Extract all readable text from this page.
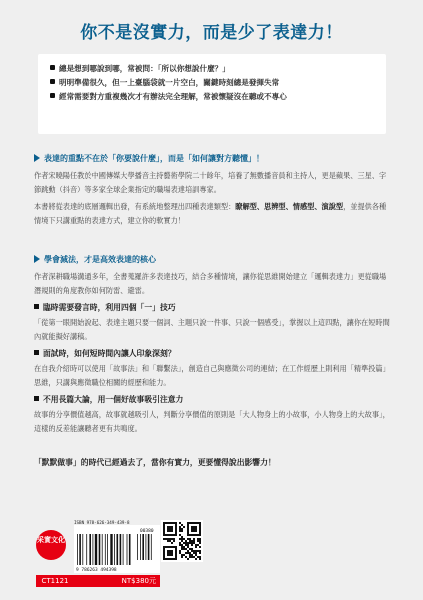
你不是沒實力，而是少了表達力！
總是想到哪說到哪，常被問：「所以你想說什麼？」
明明準備很久，但一上臺腦袋就一片空白，關鍵時刻總是發揮失常
經常需要對方重複幾次才有辦法完全理解，常被懷疑沒在聽或不專心
表達的重點不在於「你要說什麼」，而是「如何讓對方聽懂」！

作者宋曉陽任教於中國傳媒大學播音主持藝術學院二十餘年，培養了無數播音員和主持人，更是蘋果、三星、字節跳動（抖音）等多家全球企業指定的職場表達培訓專家。

本書將從表達的底層邏輯出發，有系統地整理出四種表達類型：瞭解型、思辨型、情感型、演說型，並提供各種情境下只講重點的表達方式，建立你的軟實力！

學會減法，才是高效表達的核心

作者深耕職場溝通多年，全書蒐羅許多表達技巧，結合多種情境，讓你從思維開始建立「邏輯表達力」更從職場潛規則的角度教你如何防雷、避雷。

臨時需要發言時，利用四個「一」技巧

「從第一眼開始說起、表達主題只要一個詞、主題只說一件事、只說一個感受」，掌握以上這四點，讓你在短時間內就能擬好講稿。

面試時，如何短時間內讓人印象深刻？

在自我介紹時可以使用「故事法」和「聯繫法」，創造自己與應徵公司的連結；在工作經歷上則利用「精準投篇」思維，只講與應徵職位相關的經歷和能力。

不用長篇大論，用一個好故事吸引注意力

故事的分享價值越高，故事就越吸引人，判斷分享價值的原則是「大人物身上的小故事，小人物身上的大故事」，這樣的反差能讓聽者更有共鳴度。

「默默做事」的時代已經過去了，當你有實力，更要懂得說出影響力！
采實文化
CT1121
ISBN 978-626-349-439-8
9 786263 494398
00380
NT$380元
